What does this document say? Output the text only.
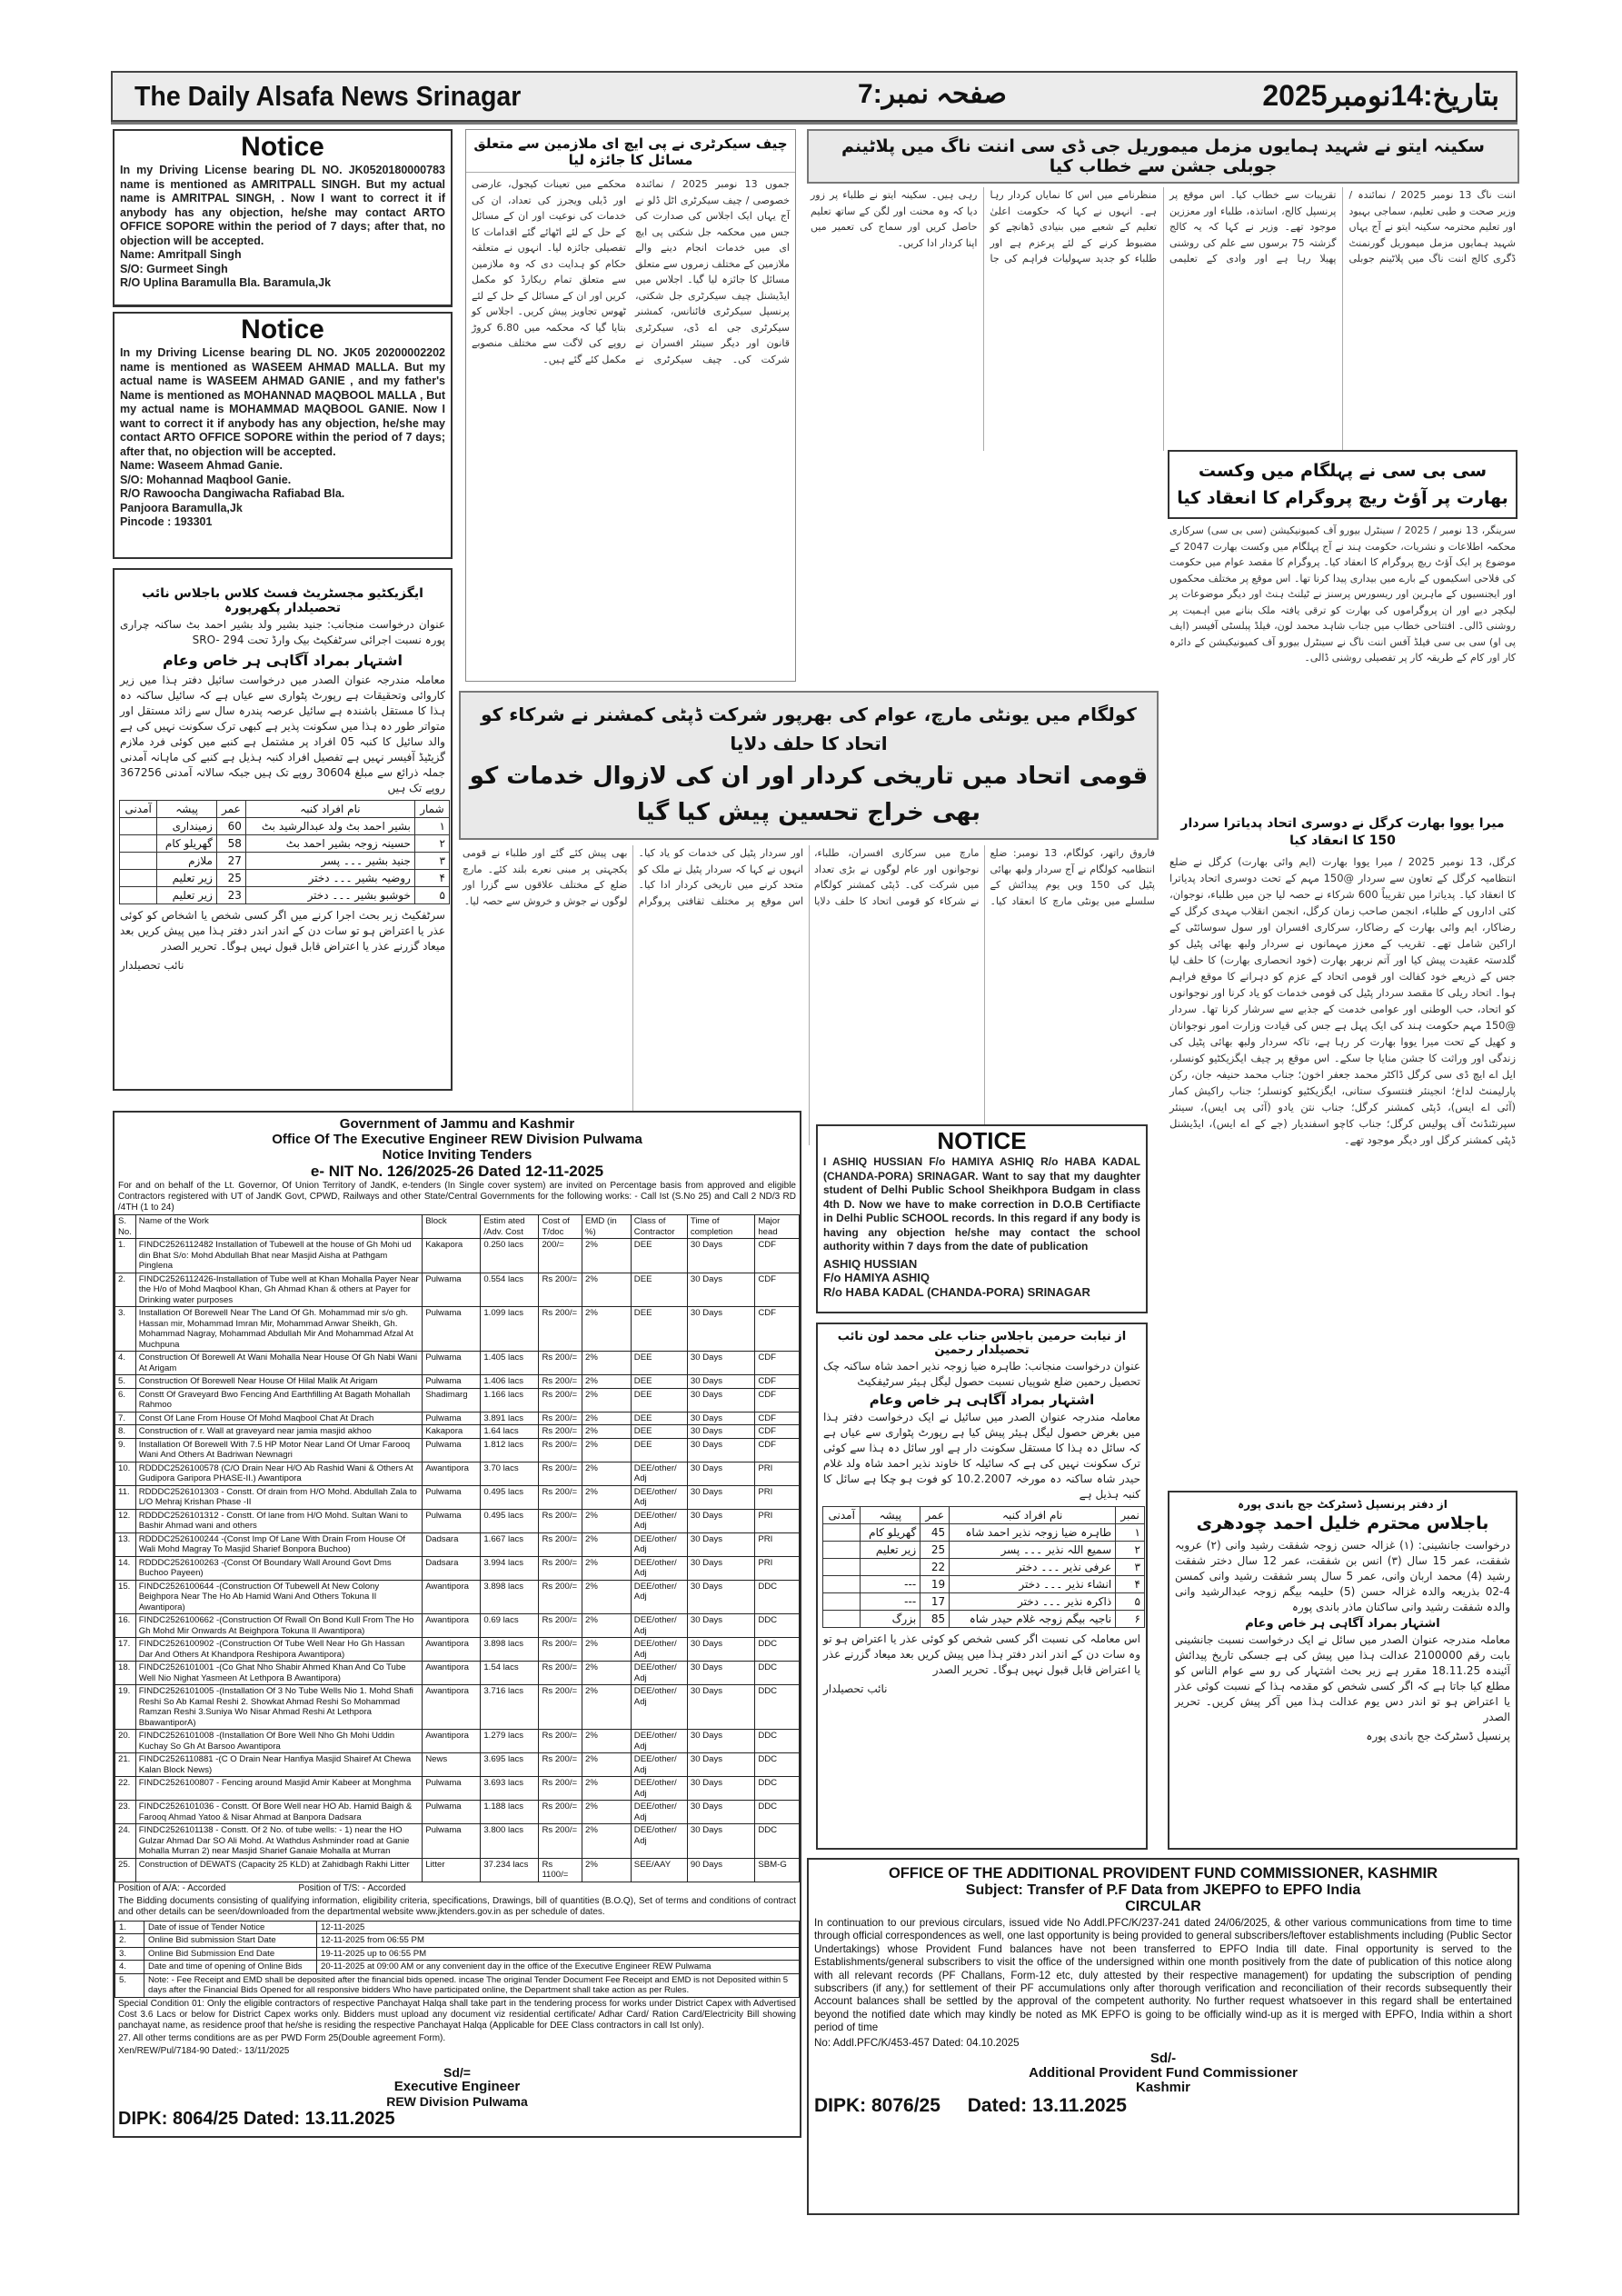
The Daily Alsafa News Srinagar	صفحہ نمبر:7	بتاریخ:14نومبر2025
Notice

In my Driving License bearing DL NO. JK0520180000783 name is mentioned as AMRITPALL SINGH. But my actual name is AMRITPAL SINGH, . Now I want to correct it if anybody has any objection, he/she may contact ARTO OFFICE SOPORE within the period of 7 days; after that, no objection will be accepted.

Name: Amritpall Singh

S/O: Gurmeet Singh

R/O Uplina Baramulla Bla. Baramula,Jk

Notice

In my Driving License bearing DL NO. JK05 20200002202 name is mentioned as WASEEM AHMAD MALLA. But my actual name is WASEEM AHMAD GANIE , and my father's Name is mentioned as MOHANNAD MAQBOOL MALLA , But my actual name is MOHAMMAD MAQBOOL GANIE. Now I want to correct it if anybody has any objection, he/she may contact ARTO OFFICE SOPORE within the period of 7 days; after that, no objection will be accepted.

Name: Waseem Ahmad Ganie.

S/O: Mohannad Maqbool Ganie.

R/O Rawoocha Dangiwacha Rafiabad Bla.

Panjoora Baramulla,Jk

Pincode : 193301

ایگزیکٹیو مجسٹریٹ فسٹ کلاس باجلاس نائب تحصیلدار پکھرپورہ
عنوان درخواست منجانب: جنید بشیر ولد بشیر احمد بٹ ساکنہ چراری پورہ نسبت اجرائی سرٹفکیٹ بیک وارڈ تحت SRO- 294
اشتہار بمراد آگاہی ہر خاص وعام
معاملہ مندرجہ عنوان الصدر میں درخواست سائیل دفتر ہذا میں زیر کاروائی وتحقیقات ہے رپورٹ پٹواری سے عیاں ہے کہ سائیل ساکنہ دہ ہذا کا مستقل باشندہ ہے سائیل عرصہ پندرہ سال سے زائد مستقل اور متواتر طور دہ ہذا میں سکونت پذیر ہے کبھی ترک سکونت نہیں کی ہے والد سائیل کا کنبہ 05 افراد پر مشتمل ہے کنبے میں کوئی فرد ملازم گزیٹیڈ آفیسر نہیں ہے تفصیل افراد کنبہ ہذیل ہے کنبے کی ماہانہ آمدنی جملہ ذرائع سے مبلغ 30604 روپے تک ہیں جبکہ سالانہ آمدنی 367256 روپے تک ہیں
شمار	نام افراد کنبہ	عمر	پیشہ	آمدنی
۱	بشیر احمد بٹ ولد عبدالرشید بٹ	60	زمینداری	
۲	حسینہ زوجہ بشیر احمد بٹ	58	گھریلو کام	
۳	جنید بشیر ۔۔۔ پسر	27	ملازم	
۴	روضیہ بشیر ۔۔۔ دختر	25	زیر تعلیم	
۵	خوشبو بشیر ۔۔۔ دختر	23	زیر تعلیم	
سرٹفکیٹ زیر بحث اجرا کرنے میں اگر کسی شخص یا اشخاص کو کوئی عذر یا اعتراض ہو تو سات دن کے اندر اندر دفتر ہذا میں پیش کریں بعد میعاد گزرنے عذر یا اعتراض قابل قبول نہیں ہوگا۔ تحریر الصدر
نائب تحصیلدار
چیف سیکرٹری نے پی ایچ ای ملازمین سے متعلق مسائل کا جائزہ لیا
جموں 13 نومبر 2025 / نمائندہ خصوصی / چیف سیکرٹری اٹل ڈلو نے آج یہاں ایک اجلاس کی صدارت کی جس میں محکمہ جل شکتی پی ایچ ای میں خدمات انجام دینے والے ملازمین کے مختلف زمروں سے متعلق مسائل کا جائزہ لیا گیا۔ اجلاس میں ایڈیشنل چیف سیکرٹری جل شکتی، پرنسپل سیکرٹری فائنانس، کمشنر سیکرٹری جی اے ڈی، سیکرٹری قانون اور دیگر سینئر افسران نے شرکت کی۔ چیف سیکرٹری نے محکمے میں تعینات کیجول، عارضی اور ڈیلی ویجرز کی تعداد، ان کی خدمات کی نوعیت اور ان کے مسائل کے حل کے لئے اٹھائے گئے اقدامات کا تفصیلی جائزہ لیا۔ انہوں نے متعلقہ حکام کو ہدایت دی کہ وہ ملازمین سے متعلق تمام ریکارڈ کو مکمل کریں اور ان کے مسائل کے حل کے لئے ٹھوس تجاویز پیش کریں۔ اجلاس کو بتایا گیا کہ محکمہ میں 6.80 کروڑ روپے کی لاگت سے مختلف منصوبے مکمل کئے گئے ہیں۔
سکینہ ایتو نے شہید ہمایوں مزمل میموریل جی ڈی سی اننت ناگ میں پلاٹینم جوبلی جشن سے خطاب کیا
اننت ناگ 13 نومبر 2025 / نمائندہ / وزیر صحت و طبی تعلیم، سماجی بہبود اور تعلیم محترمہ سکینہ ایتو نے آج یہاں شہید ہمایوں مزمل میموریل گورنمنٹ ڈگری کالج اننت ناگ میں پلاٹینم جوبلی تقریبات سے خطاب کیا۔ اس موقع پر پرنسپل کالج، اساتذہ، طلباء اور معززین موجود تھے۔ وزیر نے کہا کہ یہ کالج گزشتہ 75 برسوں سے علم کی روشنی پھیلا رہا ہے اور وادی کے تعلیمی منظرنامے میں اس کا نمایاں کردار رہا ہے۔ انہوں نے کہا کہ حکومت اعلیٰ تعلیم کے شعبے میں بنیادی ڈھانچے کو مضبوط کرنے کے لئے پرعزم ہے اور طلباء کو جدید سہولیات فراہم کی جا رہی ہیں۔ سکینہ ایتو نے طلباء پر زور دیا کہ وہ محنت اور لگن کے ساتھ تعلیم حاصل کریں اور سماج کی تعمیر میں اپنا کردار ادا کریں۔
سی بی سی نے پہلگام میں وکست بھارت پر آؤٹ ریچ پروگرام کا انعقاد کیا
سرینگر، 13 نومبر / 2025 / سینٹرل بیورو آف کمیونیکیشن (سی بی سی) سرکاری محکمہ اطلاعات و نشریات، حکومت ہند نے آج پہلگام میں وکست بھارت 2047 کے موضوع پر ایک آؤٹ ریچ پروگرام کا انعقاد کیا۔ پروگرام کا مقصد عوام میں حکومت کی فلاحی اسکیموں کے بارے میں بیداری پیدا کرنا تھا۔ اس موقع پر مختلف محکموں اور ایجنسیوں کے ماہرین اور ریسورس پرسنز نے ٹیلنٹ ہنٹ اور دیگر موضوعات پر لیکچر دیے اور ان پروگراموں کی بھارت کو ترقی یافتہ ملک بنانے میں اہمیت پر روشنی ڈالی۔ افتتاحی خطاب میں جناب شاہد محمد لون، فیلڈ پبلسٹی آفیسر (ایف پی او) سی بی سی فیلڈ آفس اننت ناگ نے سینٹرل بیورو آف کمیونیکیشن کے دائرہ کار اور کام کے طریقہ کار پر تفصیلی روشنی ڈالی۔
کولگام میں یونٹی مارچ، عوام کی بھرپور شرکت ڈپٹی کمشنر نے شرکاء کو اتحاد کا حلف دلایا
قومی اتحاد میں تاریخی کردار اور ان کی لازوال خدمات کو بھی خراج تحسین پیش کیا گیا
فاروق راتھر، کولگام، 13 نومبر: ضلع انتظامیہ کولگام نے آج سردار ولبھ بھائی پٹیل کی 150 ویں یوم پیدائش کے سلسلے میں یونٹی مارچ کا انعقاد کیا۔ مارچ میں سرکاری افسران، طلباء، نوجوانوں اور عام لوگوں نے بڑی تعداد میں شرکت کی۔ ڈپٹی کمشنر کولگام نے شرکاء کو قومی اتحاد کا حلف دلایا اور سردار پٹیل کی خدمات کو یاد کیا۔ انہوں نے کہا کہ سردار پٹیل نے ملک کو متحد کرنے میں تاریخی کردار ادا کیا۔ اس موقع پر مختلف ثقافتی پروگرام بھی پیش کئے گئے اور طلباء نے قومی یکجہتی پر مبنی نعرے بلند کئے۔ مارچ ضلع کے مختلف علاقوں سے گزرا اور لوگوں نے جوش و خروش سے حصہ لیا۔
میرا یووا بھارت کرگل نے دوسری اتحاد پدیاترا سردار 150 کا انعقاد کیا
کرگل، 13 نومبر 2025 / میرا یووا بھارت (ایم وائی بھارت) کرگل نے ضلع انتظامیہ کرگل کے تعاون سے سردار @150 مہم کے تحت دوسری اتحاد پدیاترا کا انعقاد کیا۔ پدیاترا میں تقریباً 600 شرکاء نے حصہ لیا جن میں طلباء، نوجوان، کئی اداروں کے طلباء، انجمن صاحب زمان کرگل، انجمن انقلاب مہدی کرگل کے رضاکار، ایم وائی بھارت کے رضاکار، سرکاری افسران اور سول سوسائٹی کے اراکین شامل تھے۔ تقریب کے معزز مہمانوں نے سردار ولبھ بھائی پٹیل کو گلدستہ عقیدت پیش کیا اور آتم نربھر بھارت (خود انحصاری بھارت) کا حلف لیا جس کے ذریعے خود کفالت اور قومی اتحاد کے عزم کو دہرانے کا موقع فراہم ہوا۔ اتحاد ریلی کا مقصد سردار پٹیل کی قومی خدمات کو یاد کرنا اور نوجوانوں کو اتحاد، حب الوطنی اور عوامی خدمت کے جذبے سے سرشار کرنا تھا۔ سردار @150 مہم حکومت ہند کی ایک پہل ہے جس کی قیادت وزارت امور نوجوانان و کھیل کے تحت میرا یووا بھارت کر رہا ہے، تاکہ سردار ولبھ بھائی پٹیل کی زندگی اور وراثت کا جشن منایا جا سکے۔ اس موقع پر چیف ایگزیکٹیو کونسلر، ایل اے ایچ ڈی سی کرگل ڈاکٹر محمد جعفر اخون؛ جناب محمد حنیفہ جان، رکن پارلیمنٹ لداخ؛ انجینئر فنتسوک ستانی، ایگزیکٹیو کونسلر؛ جناب راکیش کمار (آئی اے ایس)، ڈپٹی کمشنر کرگل؛ جناب نتن یادو (آئی پی ایس)، سینئر سپرنٹنڈنٹ آف پولیس کرگل؛ جناب کاچو اسفندیار (جے کے اے ایس)، ایڈیشنل ڈپٹی کمشنر کرگل اور دیگر موجود تھے۔
NOTICE

I ASHIQ HUSSIAN F/o HAMIYA ASHIQ R/o HABA KADAL (CHANDA-PORA) SRINAGAR. Want to say that my daughter student of Delhi Public School Sheikhpora Budgam in class 4th D. Now we have to make correction in D.O.B Certifiacte in Delhi Public SCHOOL records. In this regard if any body is having any objection he/she may contact the school authority within 7 days from the date of publication

ASHIQ HUSSIAN

F/o HAMIYA ASHIQ

R/o HABA KADAL (CHANDA-PORA) SRINAGAR

از نیابت حرمین باجلاس جناب علی محمد لون نائب تحصیلدار رحمین
عنوان درخواست منجانب: طاہرہ ضیا زوجہ نذیر احمد شاہ ساکنہ چک تحصیل رحمین ضلع شوپیاں نسبت حصول لیگل ہیئر سرٹیفکیٹ
اشتہار بمراد آگاہی ہر خاص وعام
معاملہ مندرجہ عنوان الصدر میں سائیل نے ایک درخواست دفتر ہذا میں بغرض حصول لیگل ہیئر پیش کیا ہے رپورٹ پٹواری سے عیاں ہے کہ سائل دہ ہذا کا مستقل سکونت دار ہے اور سائل دہ ہذا سے کوئی ترک سکونت نہیں کی ہے کہ سائیلہ کا خاوند نذیر احمد شاہ ولد غلام حیدر شاہ ساکنہ دہ مورخہ 10.2.2007 کو فوت ہو چکا ہے سائل کا کنبہ ہذیل ہے
نمبر	نام افراد کنبہ	عمر	پیشہ	آمدنی
۱	طاہرہ ضیا زوجہ نذیر احمد شاہ	45	گھریلو کام	
۲	سمیع اللہ نذیر ۔۔۔ پسر	25	زیر تعلیم	
۳	عرفی نذیر ۔۔۔ دختر	22		
۴	انشاء نذیر ۔۔۔ دختر	19	---	
۵	ذاکرہ نذیر ۔۔۔ دختر	17	---	
۶	ناجیہ بیگم زوجہ غلام حیدر شاہ	85	بزرگ	
اس معاملہ کی نسبت اگر کسی شخص کو کوئی عذر یا اعتراض ہو تو وہ سات دن کے اندر اندر دفتر ہذا میں پیش کریں بعد میعاد گزرنے عذر یا اعتراض قابل قبول نہیں ہوگا۔ تحریر الصدر
نائب تحصیلدار
از دفتر پرنسپل ڈسٹرکٹ جج باندی پورہ
باجلاس محترم خلیل احمد چودھری
درخواست جانشینی: (۱) غزالہ حسن زوجہ شفقت رشید وانی (۲) عروبہ شفقت، عمر 15 سال (۳) انس بن شفقت، عمر 12 سال دختر شفقت رشید (4) محمد اربان وانی، عمر 5 سال پسر شفقت رشید وانی کمسن 4-02 بذریعہ والدہ غزالہ حسن (5) حلیمہ بیگم زوجہ عبدالرشید وانی والدہ شفقت رشید وانی ساکنان ماذر باندی پورہ
اشتہار بمراد آگاہی ہر خاص وعام
معاملہ مندرجہ عنوان الصدر میں سائل نے ایک درخواست نسبت جانشینی بابت رقم 2100000 عدالت ہذا میں پیش کی ہے جسکی تاریخ پیدائش آئیندہ 18.11.25 مقرر ہے زیر بحث اشتہار کی رو سے عوام الناس کو مطلع کیا جاتا ہے کہ اگر کسی شخص کو مقدمہ ہذا کے نسبت کوئی عذر یا اعتراض ہو تو اندر دس یوم عدالت ہذا میں آکر پیش کریں۔ تحریر الصدر
پرنسپل ڈسٹرکٹ جج باندی پورہ
Government of Jammu and Kashmir
Office Of The Executive Engineer REW Division Pulwama
Notice Inviting Tenders
e- NIT No. 126/2025-26 Dated 12-11-2025
For and on behalf of the Lt. Governor, Of Union Territory of JandK, e-tenders (In Single cover system) are invited on Percentage basis from approved and eligible Contractors registered with UT of JandK Govt, CPWD, Railways and other State/Central Governments for the following works: - Call Ist (S.No 25) and Call 2 ND/3 RD /4TH (1 to 24)
S. No.	Name of the Work	Block	Estim ated /Adv. Cost	Cost of T/doc	EMD (in %)	Class of Contractor	Time of completion	Major head
1.	FINDC2526112482 Installation of Tubewell at the house of Gh Mohi ud din Bhat S/o: Mohd Abdullah Bhat near Masjid Aisha at Pathgam Pinglena	Kakapora	0.250 lacs	200/=	2%	DEE	30 Days	CDF
2.	FINDC2526112426-Installation of Tube well at Khan Mohalla Payer Near the H/o of Mohd Maqbool Khan, Gh Ahmad Khan & others at Payer for Drinking water purposes	Pulwama	0.554 lacs	Rs 200/=	2%	DEE	30 Days	CDF
3.	Installation Of Borewell Near The Land Of Gh. Mohammad mir s/o gh. Hassan mir, Mohammad Imran Mir, Mohammad Anwar Sheikh, Gh. Mohammad Nagray, Mohammad Abdullah Mir And Mohammad Afzal At Muchpuna	Pulwama	1.099 lacs	Rs 200/=	2%	DEE	30 Days	CDF
4.	Construction Of Borewell At Wani Mohalla Near House Of Gh Nabi Wani At Arigam	Pulwama	1.405 lacs	Rs 200/=	2%	DEE	30 Days	CDF
5.	Construction Of Borewell Near House Of Hilal Malik At Arigam	Pulwama	1.406 lacs	Rs 200/=	2%	DEE	30 Days	CDF
6.	Constt Of Graveyard Bwo Fencing And Earthfilling At Bagath Mohallah Rahmoo	Shadimarg	1.166 lacs	Rs 200/=	2%	DEE	30 Days	CDF
7.	Const Of Lane From House Of Mohd Maqbool Chat At Drach	Pulwama	3.891 lacs	Rs 200/=	2%	DEE	30 Days	CDF
8.	Construction of r. Wall at graveyard near jamia masjid akhoo	Kakapora	1.64 lacs	Rs 200/=	2%	DEE	30 Days	CDF
9.	Installation Of Borewell With 7.5 HP Motor Near Land Of Umar Farooq Wani And Others At Badriwan Newnagri	Pulwama	1.812 lacs	Rs 200/=	2%	DEE	30 Days	CDF
10.	RDDDC2526100578 (C/O Drain Near H/O Ab Rashid Wani & Others At Gudipora Garipora PHASE-II.) Awantipora	Awantipora	3.70 lacs	Rs 200/=	2%	DEE/other/ Adj	30 Days	PRI
11.	RDDDC2526101303 - Constt. Of drain from H/O Mohd. Abdullah Zala to L/O Mehraj Krishan Phase -II	Pulwama	0.495 lacs	Rs 200/=	2%	DEE/other/ Adj	30 Days	PRI
12.	RDDDC2526101312 - Constt. Of lane from H/O Mohd. Sultan Wani to Bashir Ahmad wani and others	Pulwama	0.495 lacs	Rs 200/=	2%	DEE/other/ Adj	30 Days	PRI
13.	RDDDC2526100244 -(Const Imp Of Lane With Drain From House Of Wali Mohd Magray To Masjid Sharief Bonpora Buchoo)	Dadsara	1.667 lacs	Rs 200/=	2%	DEE/other/ Adj	30 Days	PRI
14.	RDDDC2526100263 -(Const Of Boundary Wall Around Govt Dms Buchoo Payeen)	Dadsara	3.994 lacs	Rs 200/=	2%	DEE/other/ Adj	30 Days	PRI
15.	FINDC2526100644 -(Construction Of Tubewell At New Colony Beighpora Near The Ho Ab Hamid Wani And Others Tokuna II Awantipora)	Awantipora	3.898 lacs	Rs 200/=	2%	DEE/other/ Adj	30 Days	DDC
16.	FINDC2526100662 -(Construction Of Rwall On Bond Kull From The Ho Gh Mohd Mir Onwards At Beighpora Tokuna II Awantipora)	Awantipora	0.69 lacs	Rs 200/=	2%	DEE/other/ Adj	30 Days	DDC
17.	FINDC2526100902 -(Construction Of Tube Well Near Ho Gh Hassan Dar And Others At Khandpora Reshipora Awantipora)	Awantipora	3.898 lacs	Rs 200/=	2%	DEE/other/ Adj	30 Days	DDC
18.	FINDC2526101001 -(Co Ghat Nho Shabir Ahmed Khan And Co Tube Well Nio Nighat Yasmeen At Lethpora B Awantipora)	Awantipora	1.54 lacs	Rs 200/=	2%	DEE/other/ Adj	30 Days	DDC
19.	FINDC2526101005 -(Installation Of 3 No Tube Wells Nio 1. Mohd Shafi Reshi So Ab Kamal Reshi 2. Showkat Ahmad Reshi So Mohammad Ramzan Reshi 3.Suniya Wo Nisar Ahmad Reshi At Lethpora BbawantiporA)	Awantipora	3.716 lacs	Rs 200/=	2%	DEE/other/ Adj	30 Days	DDC
20.	FINDC2526101008 -(Installation Of Bore Well Nho Gh Mohi Uddin Kuchay So Gh At Barsoo Awantipora	Awantipora	1.279 lacs	Rs 200/=	2%	DEE/other/ Adj	30 Days	DDC
21.	FINDC2526110881 -(C O Drain Near Hanfiya Masjid Shairef At Chewa Kalan Block News)	News	3.695 lacs	Rs 200/=	2%	DEE/other/ Adj	30 Days	DDC
22.	FINDC2526100807 - Fencing around Masjid Amir Kabeer at Monghma	Pulwama	3.693 lacs	Rs 200/=	2%	DEE/other/ Adj	30 Days	DDC
23.	FINDC2526101036 - Constt. Of Bore Well near HO Ab. Hamid Baigh & Farooq Ahmad Yatoo & Nisar Ahmad at Banpora Dadsara	Pulwama	1.188 lacs	Rs 200/=	2%	DEE/other/ Adj	30 Days	DDC
24.	FINDC2526101138 - Constt. Of 2 No. of tube wells: - 1) near the HO Gulzar Ahmad Dar SO Ali Mohd. At Wathdus Ashminder road at Ganie Mohalla Murran 2) near Masjid Sharief Ganaie Mohalla at Murran	Pulwama	3.800 lacs	Rs 200/=	2%	DEE/other/ Adj	30 Days	DDC
25.	Construction of DEWATS (Capacity 25 KLD) at Zahidbagh Rakhi Litter	Litter	37.234 lacs	Rs 1100/=	2%	SEE/AAY	90 Days	SBM-G
Position of A/A: - Accorded	Position of T/S: - Accorded
The Bidding documents consisting of qualifying information, eligibility criteria, specifications, Drawings, bill of quantities (B.O.Q), Set of terms and conditions of contract and other details can be seen/downloaded from the departmental website www.jktenders.gov.in as per schedule of dates.
1.	Date of issue of Tender Notice	12-11-2025
2.	Online Bid submission Start Date	12-11-2025 from 06:55 PM
3.	Online Bid Submission End Date	19-11-2025 up to 06:55 PM
4.	Date and time of opening of Online Bids	20-11-2025 at 09:00 AM or any convenient day in the office of the Executive Engineer REW Pulwama
5.	Note: - Fee Receipt and EMD shall be deposited after the financial bids opened. incase The original Tender Document Fee Receipt and EMD is not Deposited within 5 days after the Financial Bids Opened for all responsive bidders Who have participated online, the Department shall take action as per Rules.	
Special Condition 01: Only the eligible contractors of respective Panchayat Halqa shall take part in the tendering process for works under District Capex with Advertised Cost 3.6 Lacs or below for District Capex works only. Bidders must upload any document viz residential certificate/ Adhar Card/ Ration Card/Electricity Bill showing panchayat name, as residence proof that he/she is residing the respective Panchayat Halqa (Applicable for DEE Class contractors in call Ist only).
27. All other terms conditions are as per PWD Form 25(Double agreement Form).
Xen/REW/Pul/7184-90 Dated:- 13/11/2025
Sd/=
Executive Engineer
REW Division Pulwama
DIPK: 8064/25 Dated: 13.11.2025
OFFICE OF THE ADDITIONAL PROVIDENT FUND COMMISSIONER, KASHMIR
Subject: Transfer of P.F Data from JKEPFO to EPFO India
CIRCULAR
In continuation to our previous circulars, issued vide No Addl.PFC/K/237-241 dated 24/06/2025, & other various communications from time to time through official correspondences as well, one last opportunity is being provided to general subscribers/leftover establishments including (Public Sector Undertakings) whose Provident Fund balances have not been transferred to EPFO India till date. Final opportunity is served to the Establishments/general subscribers to visit the office of the undersigned within one month positively from the date of publication of this notice along with all relevant records (PF Challans, Form-12 etc, duly attested by their respective management) for updating the subscription of pending subscribers (if any,) for settlement of their PF accumulations only after thorough verification and reconciliation of their records subsequently their Account balances shall be settled by the approval of the competent authority. No further request whatsoever in this regard shall be entertained beyond the notified date which may kindly be noted as MK EPFO is going to be officially wind-up as it is merged with EPFO, India within a short period of time
No: Addl.PFC/K/453-457 Dated: 04.10.2025
Sd/-
Additional Provident Fund Commissioner
Kashmir
DIPK: 8076/25 Dated: 13.11.2025
